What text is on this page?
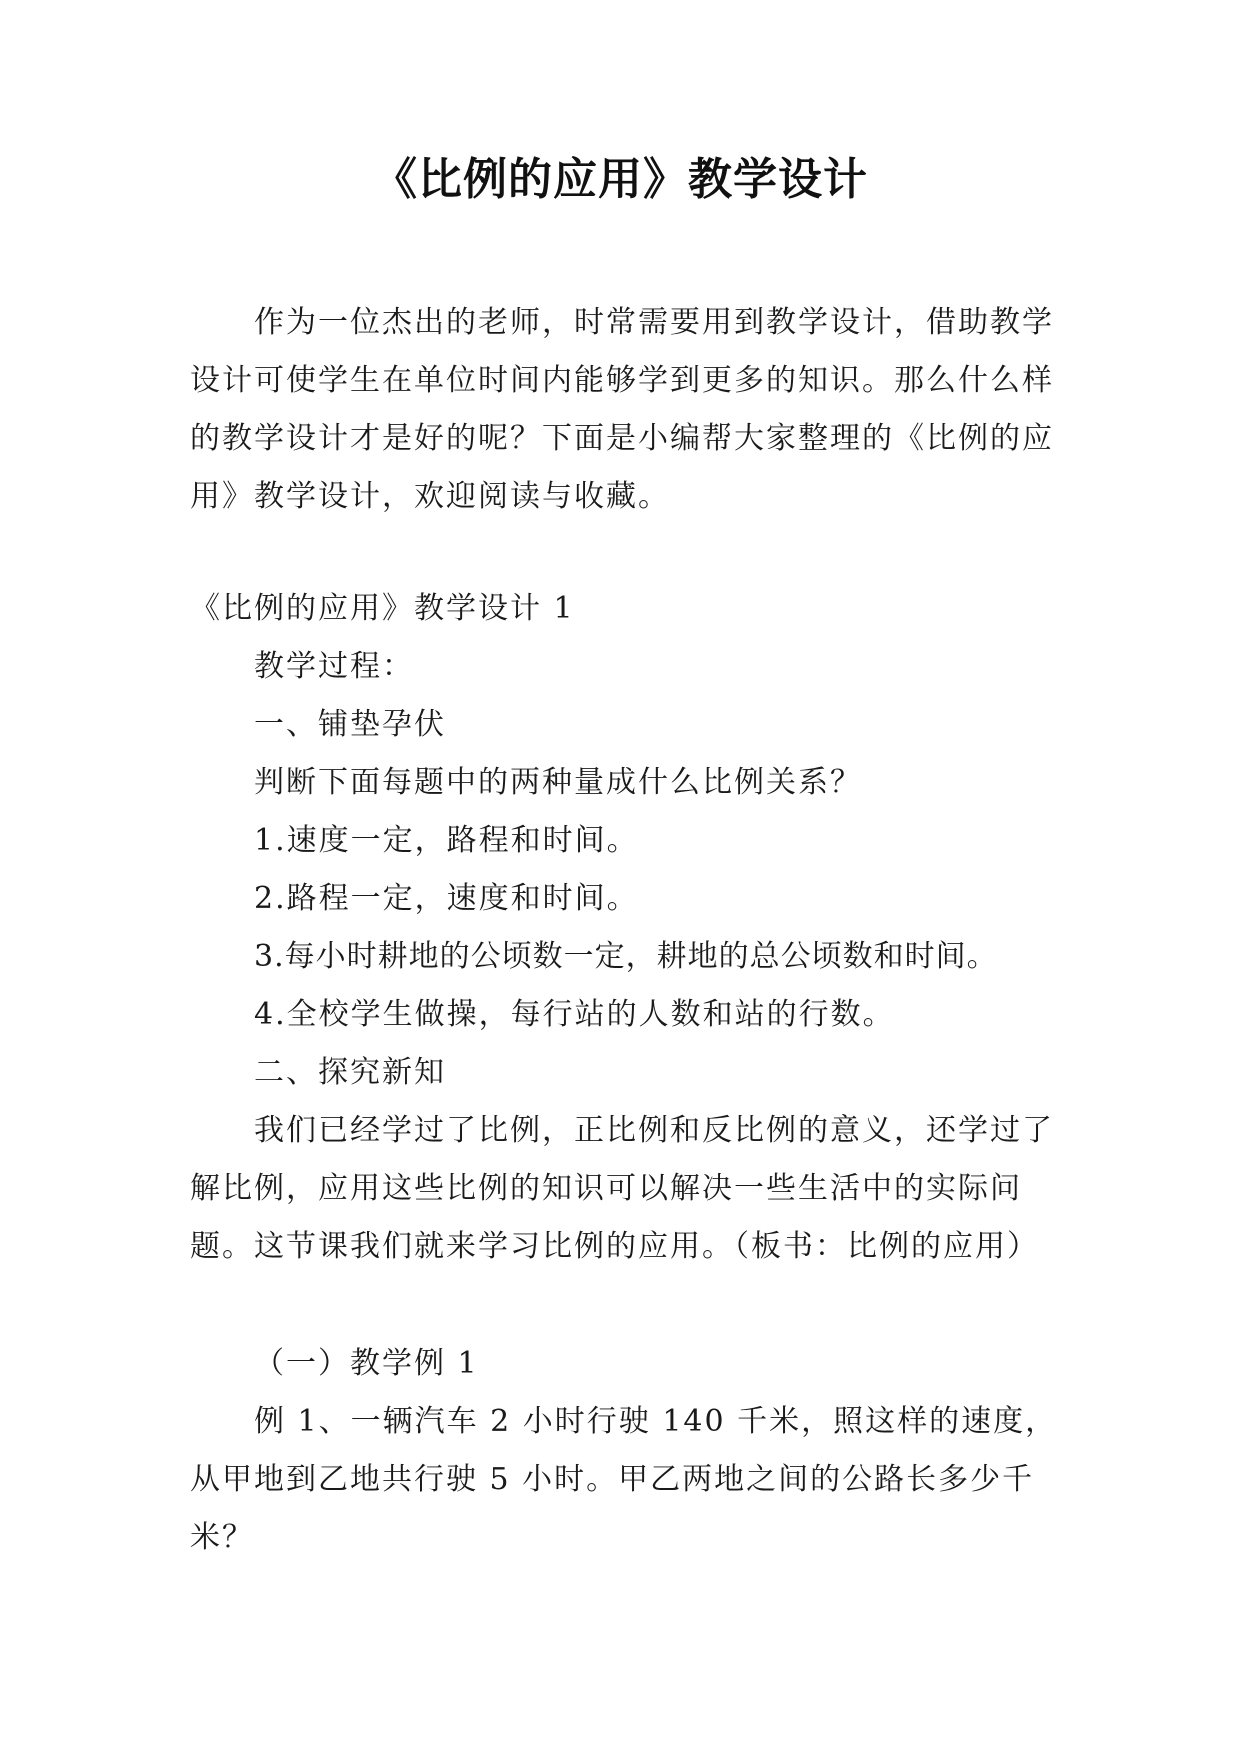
《比例的应用》教学设计

作为一位杰出的老师，时常需要用到教学设计，借助教学设计可使学生在单位时间内能够学到更多的知识。那么什么样的教学设计才是好的呢？下面是小编帮大家整理的《比例的应用》教学设计，欢迎阅读与收藏。

《比例的应用》教学设计 1

教学过程：

一、铺垫孕伏

判断下面每题中的两种量成什么比例关系？

1.速度一定，路程和时间。

2.路程一定，速度和时间。

3.每小时耕地的公顷数一定，耕地的总公顷数和时间。

4.全校学生做操，每行站的人数和站的行数。

二、探究新知

我们已经学过了比例，正比例和反比例的意义，还学过了解比例，应用这些比例的知识可以解决一些生活中的实际问题。这节课我们就来学习比例的应用。（板书：比例的应用）

（一）教学例 1

例 1、一辆汽车 2 小时行驶 140 千米，照这样的速度，从甲地到乙地共行驶 5 小时。甲乙两地之间的公路长多少千米？
